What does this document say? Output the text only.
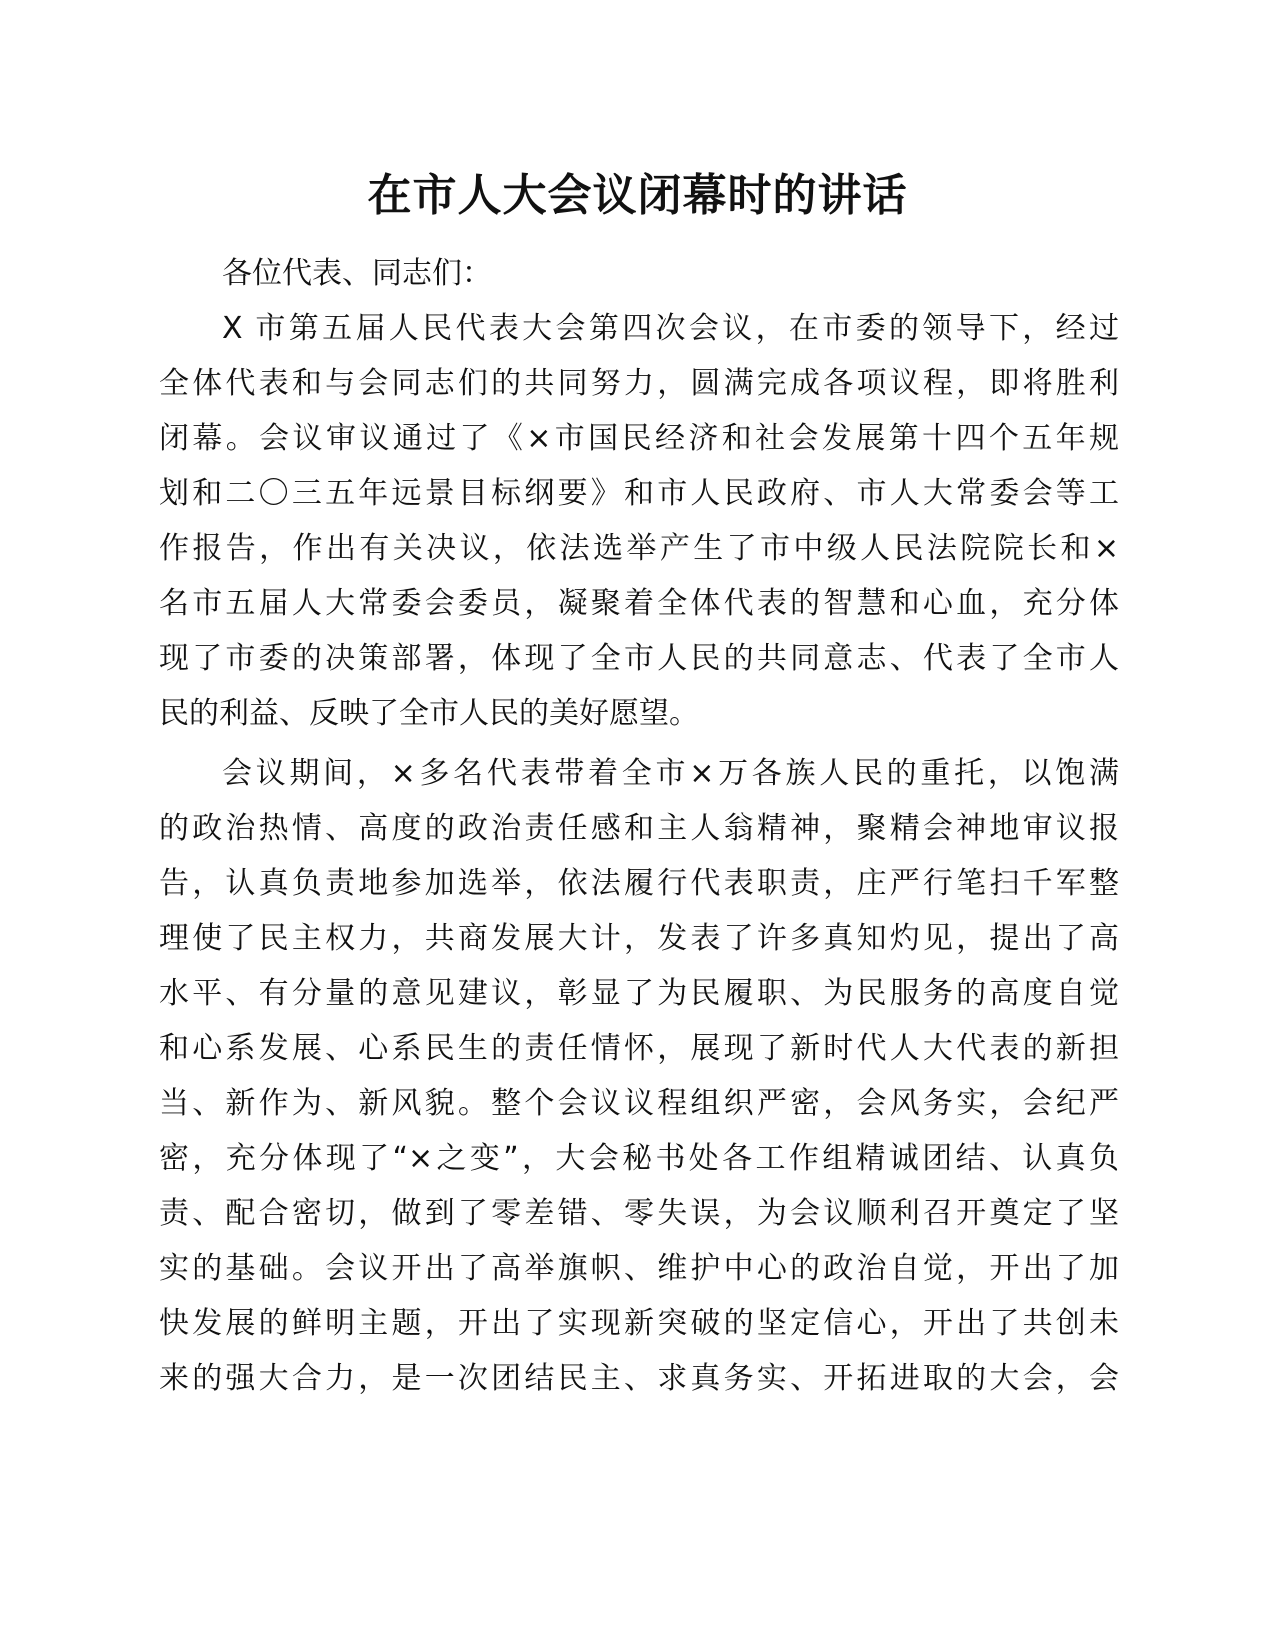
在市人大会议闭幕时的讲话
各位代表、同志们：
X 市第五届人民代表大会第四次会议，在市委的领导下，经过
全体代表和与会同志们的共同努力，圆满完成各项议程，即将胜利
闭幕。会议审议通过了《×市国民经济和社会发展第十四个五年规
划和二〇三五年远景目标纲要》和市人民政府、市人大常委会等工
作报告，作出有关决议，依法选举产生了市中级人民法院院长和×
名市五届人大常委会委员，凝聚着全体代表的智慧和心血，充分体
现了市委的决策部署，体现了全市人民的共同意志、代表了全市人
民的利益、反映了全市人民的美好愿望。
会议期间，×多名代表带着全市×万各族人民的重托，以饱满
的政治热情、高度的政治责任感和主人翁精神，聚精会神地审议报
告，认真负责地参加选举，依法履行代表职责，庄严行笔扫千军整
理使了民主权力，共商发展大计，发表了许多真知灼见，提出了高
水平、有分量的意见建议，彰显了为民履职、为民服务的高度自觉
和心系发展、心系民生的责任情怀，展现了新时代人大代表的新担
当、新作为、新风貌。整个会议议程组织严密，会风务实，会纪严
密，充分体现了“×之变”，大会秘书处各工作组精诚团结、认真负
责、配合密切，做到了零差错、零失误，为会议顺利召开奠定了坚
实的基础。会议开出了高举旗帜、维护中心的政治自觉，开出了加
快发展的鲜明主题，开出了实现新突破的坚定信心，开出了共创未
来的强大合力，是一次团结民主、求真务实、开拓进取的大会，会
